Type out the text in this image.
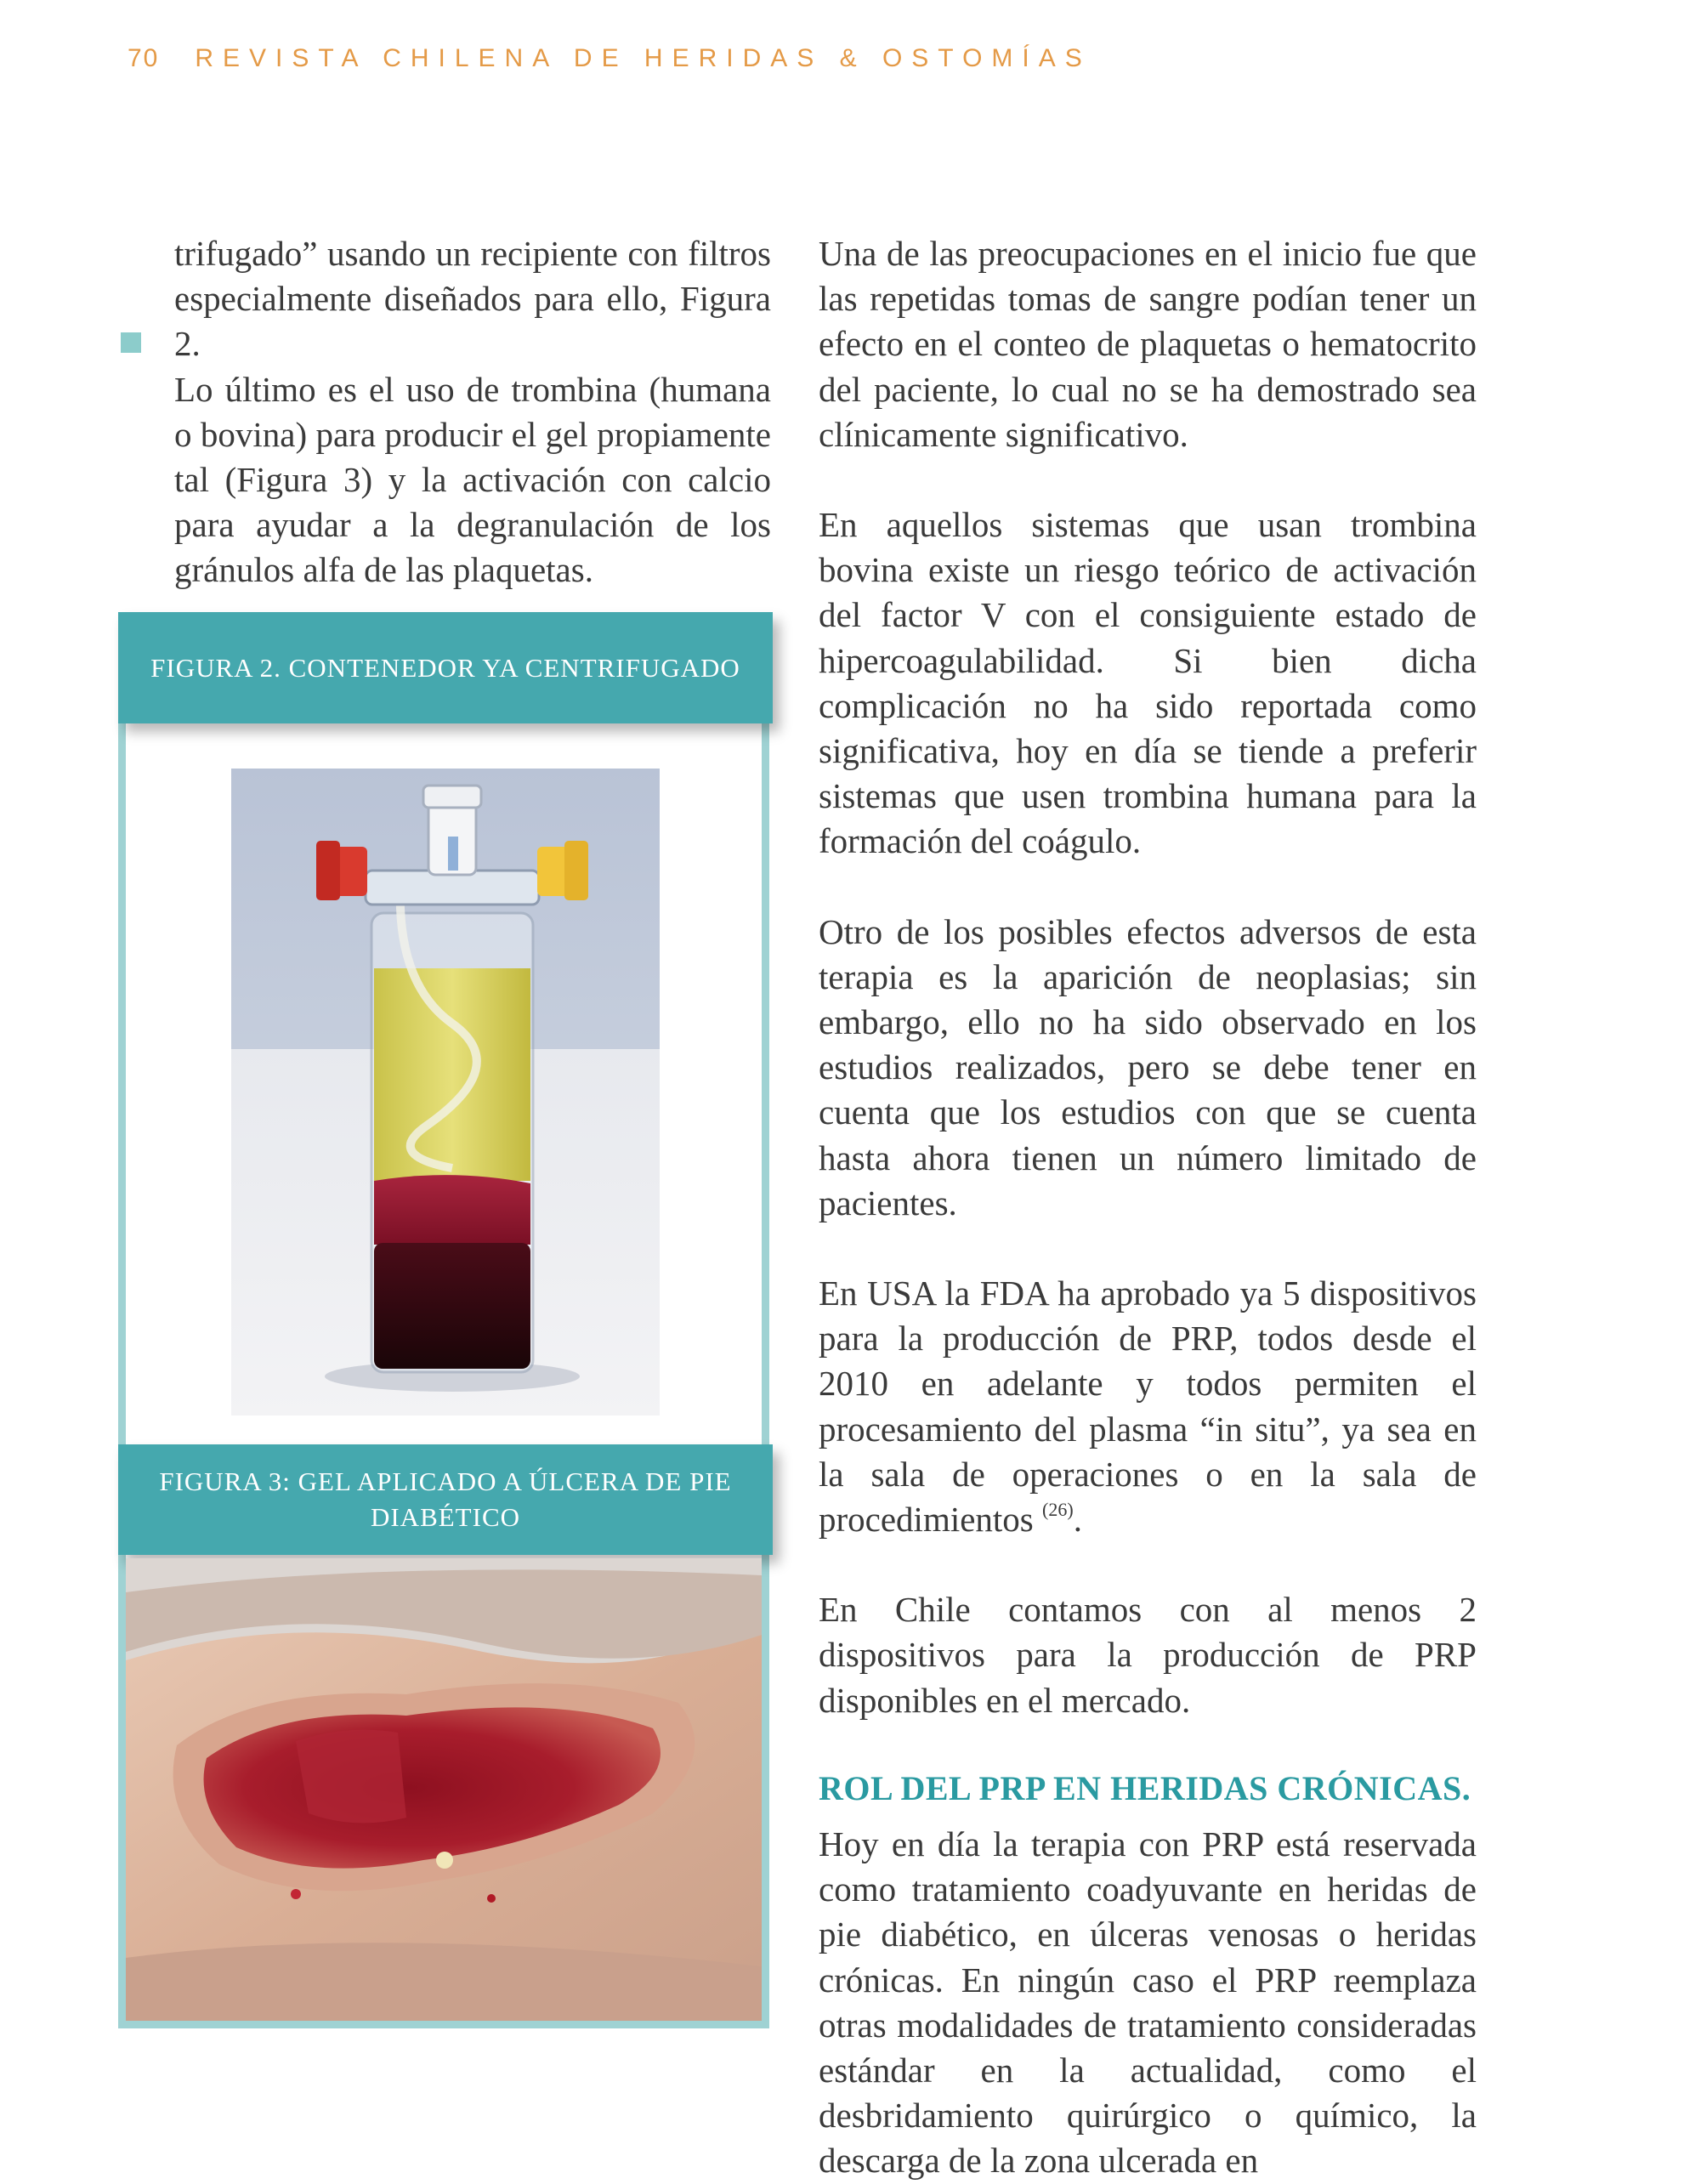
70 REVISTA CHILENA DE HERIDAS & OSTOMÍAS

trifugado” usando un recipiente con filtros especialmente diseñados para ello, Figura 2.

Lo último es el uso de trombina (humana o bovina) para producir el gel propiamente tal (Figura 3) y la activación con calcio para ayudar a la degranulación de los gránulos alfa de las plaquetas.

FIGURA 2. CONTENEDOR YA CENTRIFUGADO
FIGURA 3: GEL APLICADO A ÚLCERA DE PIE DIABÉTICO

Una de las preocupaciones en el inicio fue que las repetidas tomas de sangre podían tener un efecto en el conteo de plaquetas o hematocrito del paciente, lo cual no se ha demostrado sea clínicamente significativo.

En aquellos sistemas que usan trombina bovina existe un riesgo teórico de activación del factor V con el consiguiente estado de hipercoagulabilidad. Si bien dicha complicación no ha sido reportada como significativa, hoy en día se tiende a preferir sistemas que usen trombina humana para la formación del coágulo.

Otro de los posibles efectos adversos de esta terapia es la aparición de neoplasias; sin embargo, ello no ha sido observado en los estudios realizados, pero se debe tener en cuenta que los estudios con que se cuenta hasta ahora tienen un número limitado de pacientes.

En USA la FDA ha aprobado ya 5 dispositivos para la producción de PRP, todos desde el 2010 en adelante y todos permiten el procesamiento del plasma “in situ”, ya sea en la sala de operaciones o en la sala de procedimientos $^{(26)}$.

En Chile contamos con al menos 2 dispositivos para la producción de PRP disponibles en el mercado.

ROL DEL PRP EN HERIDAS CRÓNICAS.

Hoy en día la terapia con PRP está reservada como tratamiento coadyuvante en heridas de pie diabético, en úlceras venosas o heridas crónicas. En ningún caso el PRP reemplaza otras modalidades de tratamiento consideradas estándar en la actualidad, como el desbridamiento quirúrgico o químico, la descarga de la zona ulcerada en
